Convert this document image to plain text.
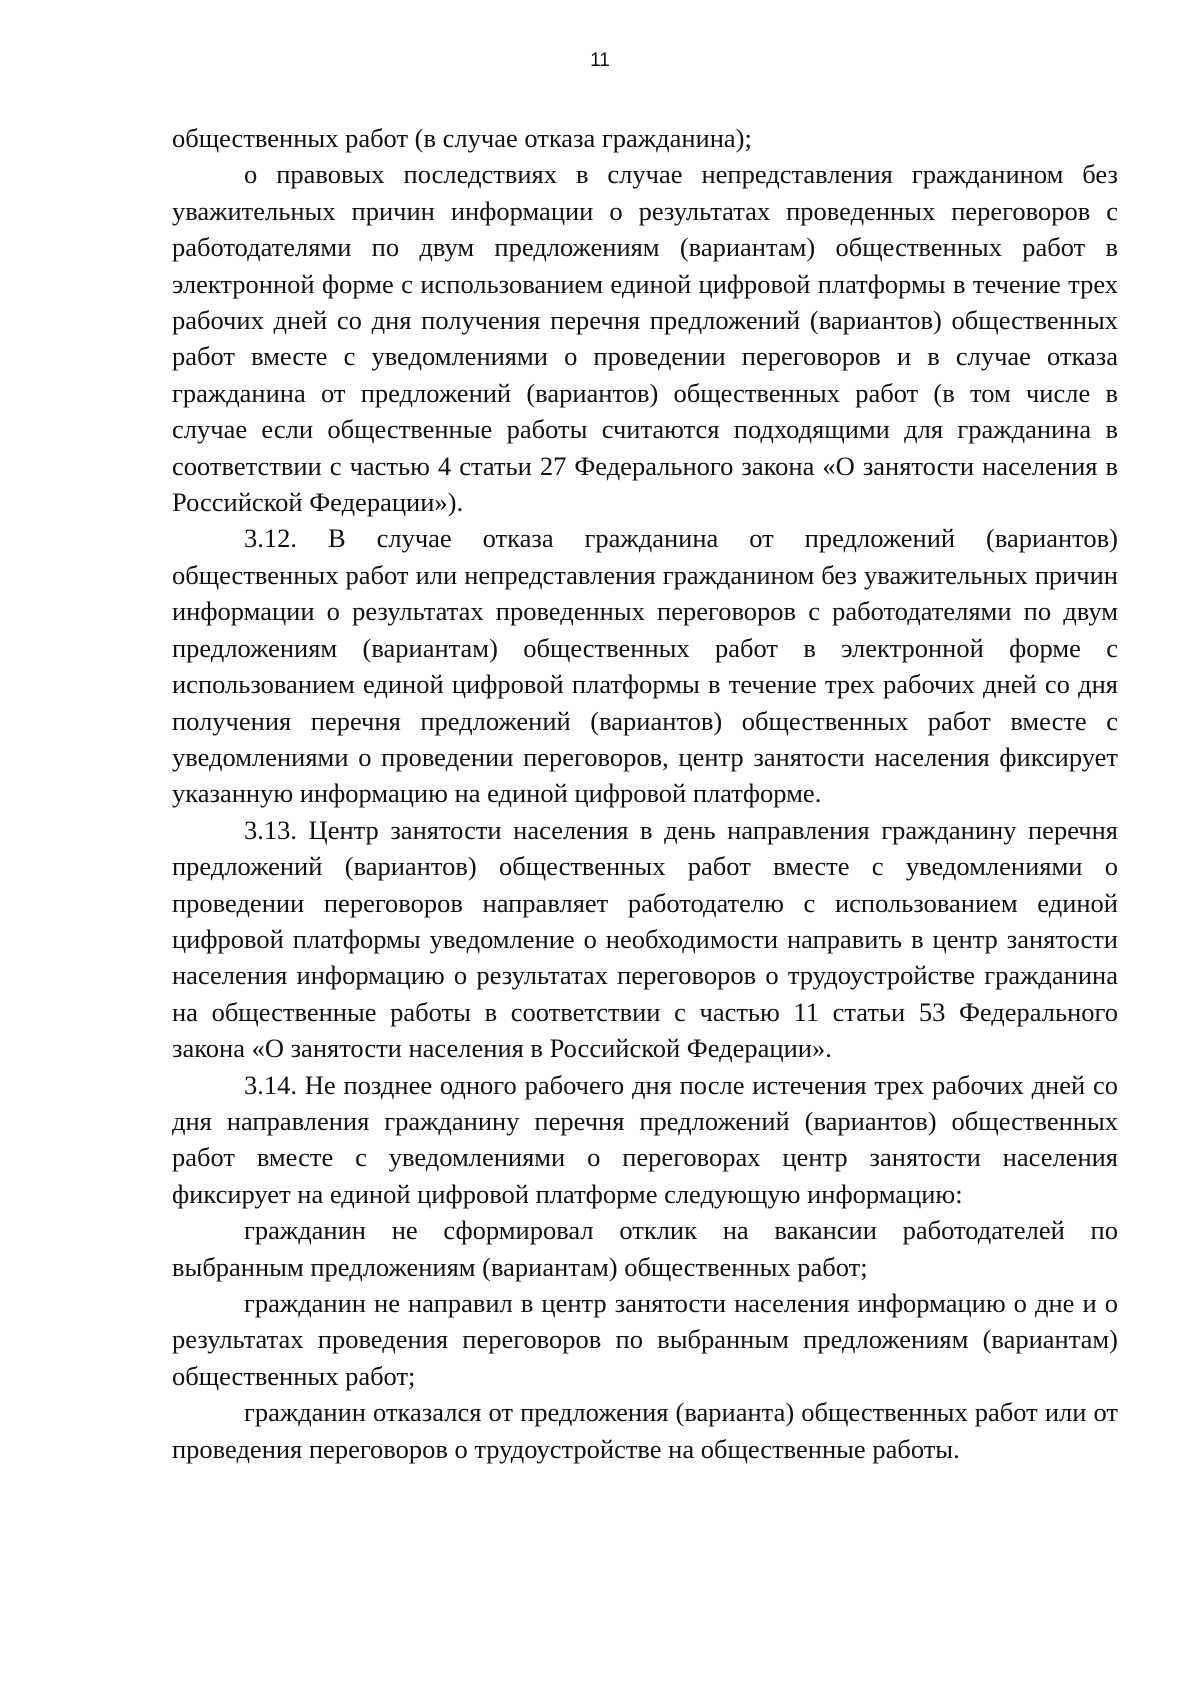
11

общественных работ (в случае отказа гражданина);

о правовых последствиях в случае непредставления гражданином без уважительных причин информации о результатах проведенных переговоров с работодателями по двум предложениям (вариантам) общественных работ в электронной форме с использованием единой цифровой платформы в течение трех рабочих дней со дня получения перечня предложений (вариантов) общественных работ вместе с уведомлениями о проведении переговоров и в случае отказа гражданина от предложений (вариантов) общественных работ (в том числе в случае если общественные работы считаются подходящими для гражданина в соответствии с частью 4 статьи 27 Федерального закона «О занятости населения в Российской Федерации»).

3.12. В случае отказа гражданина от предложений (вариантов) общественных работ или непредставления гражданином без уважительных причин информации о результатах проведенных переговоров с работодателями по двум предложениям (вариантам) общественных работ в электронной форме с использованием единой цифровой платформы в течение трех рабочих дней со дня получения перечня предложений (вариантов) общественных работ вместе с уведомлениями о проведении переговоров, центр занятости населения фиксирует указанную информацию на единой цифровой платформе.

3.13. Центр занятости населения в день направления гражданину перечня предложений (вариантов) общественных работ вместе с уведомлениями о проведении переговоров направляет работодателю с использованием единой цифровой платформы уведомление о необходимости направить в центр занятости населения информацию о результатах переговоров о трудоустройстве гражданина на общественные работы в соответствии с частью 11 статьи 53 Федерального закона «О занятости населения в Российской Федерации».

3.14. Не позднее одного рабочего дня после истечения трех рабочих дней со дня направления гражданину перечня предложений (вариантов) общественных работ вместе с уведомлениями о переговорах центр занятости населения фиксирует на единой цифровой платформе следующую информацию:

гражданин не сформировал отклик на вакансии работодателей по выбранным предложениям (вариантам) общественных работ;

гражданин не направил в центр занятости населения информацию о дне и о результатах проведения переговоров по выбранным предложениям (вариантам) общественных работ;

гражданин отказался от предложения (варианта) общественных работ или от проведения переговоров о трудоустройстве на общественные работы.
